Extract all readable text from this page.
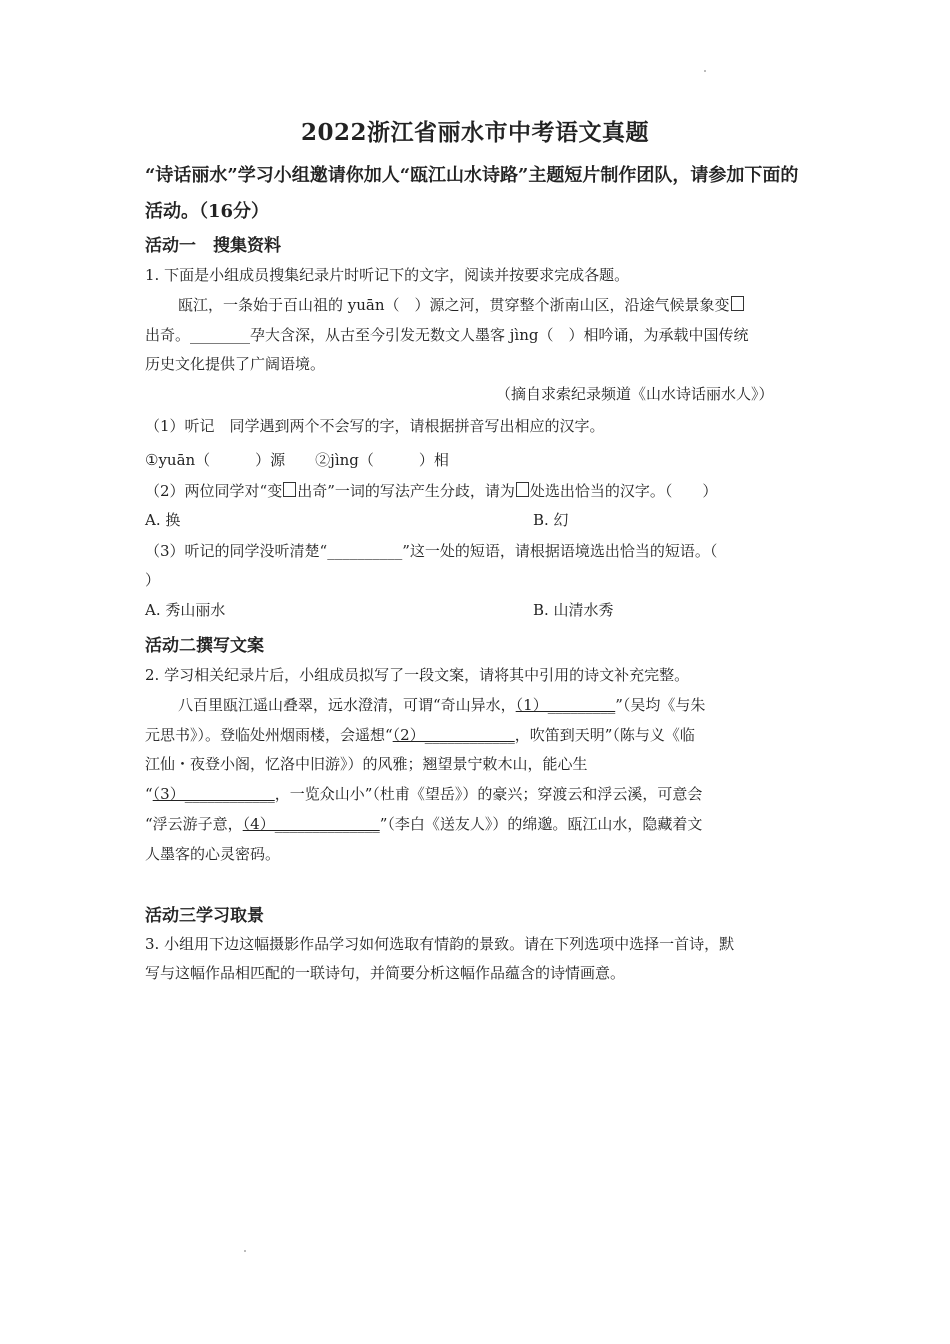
2022浙江省丽水市中考语文真题
“诗话丽水”学习小组邀请你加人“瓯江山水诗路”主题短片制作团队，请参加下面的活动。（16分）
活动一　搜集资料
1. 下面是小组成员搜集纪录片时听记下的文字，阅读并按要求完成各题。
瓯江，一条始于百山祖的 yuān（　）源之河，贯穿整个浙南山区，沿途气候景象变
出奇。________孕大含深，从古至今引发无数文人墨客 jìng（　）相吟诵，为承载中国传统
历史文化提供了广阔语境。
（摘自求索纪录频道《山水诗话丽水人》）
（1）听记　同学遇到两个不会写的字，请根据拼音写出相应的汉字。
①yuān（　　　）源　　②jìng（　　　）相
（2）两位同学对“变 出奇”一词的写法产生分歧，请为 处选出恰当的汉字。（　　）
A. 换	B. 幻
（3）听记的同学没听清楚“__________”这一处的短语，请根据语境选出恰当的短语。（
）
A. 秀山丽水	B. 山清水秀
活动二撰写文案
2. 学习相关纪录片后，小组成员拟写了一段文案，请将其中引用的诗文补充完整。
八百里瓯江遥山叠翠，远水澄清，可谓“奇山异水，（1）_________”（吴均《与朱
元思书》）。登临处州烟雨楼，会遥想“（2）____________，吹笛到天明”（陈与义《临
江仙・夜登小阁，忆洛中旧游》）的风雅；翘望景宁敕木山，能心生
“（3）____________，一览众山小”（杜甫《望岳》）的豪兴；穿渡云和浮云溪，可意会
“浮云游子意，（4）______________”（李白《送友人》）的绵邈。瓯江山水，隐藏着文
人墨客的心灵密码。
活动三学习取景
3. 小组用下边这幅摄影作品学习如何选取有情韵的景致。请在下列选项中选择一首诗，默
写与这幅作品相匹配的一联诗句，并简要分析这幅作品蕴含的诗情画意。
